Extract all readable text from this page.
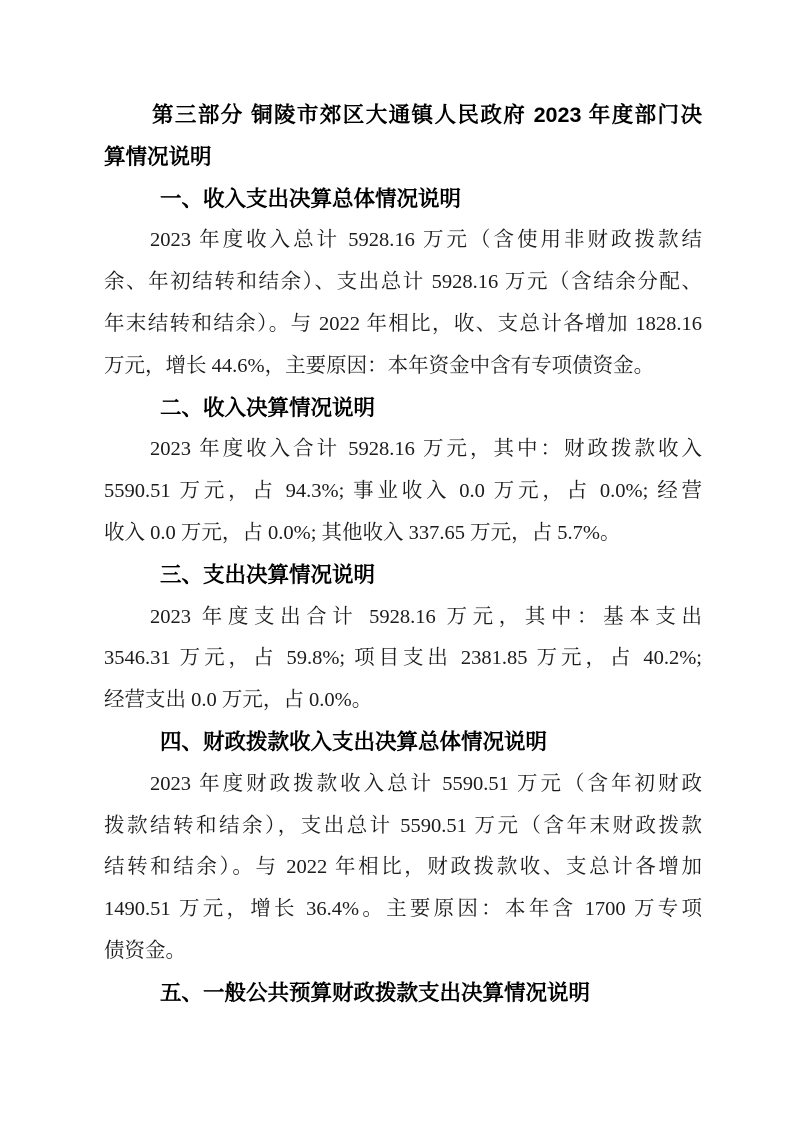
第三部分 铜陵市郊区大通镇人民政府 2023 年度部门决
算情况说明
一、收入支出决算总体情况说明
2023 年度收入总计 5928.16 万元（含使用非财政拨款结
余、年初结转和结余）、支出总计 5928.16 万元（含结余分配、
年末结转和结余）。与 2022 年相比，收、支总计各增加 1828.16
万元，增长 44.6%，主要原因：本年资金中含有专项债资金。
二、收入决算情况说明
2023 年度收入合计 5928.16 万元，其中：财政拨款收入
5590.51 万元，占 94.3%; 事业收入 0.0 万元，占 0.0%; 经营
收入 0.0 万元，占 0.0%; 其他收入 337.65 万元，占 5.7%。
三、支出决算情况说明
2023 年度支出合计 5928.16 万元，其中：基本支出
3546.31 万元，占 59.8%; 项目支出 2381.85 万元，占 40.2%;
经营支出 0.0 万元，占 0.0%。
四、财政拨款收入支出决算总体情况说明
2023 年度财政拨款收入总计 5590.51 万元（含年初财政
拨款结转和结余），支出总计 5590.51 万元（含年末财政拨款
结转和结余）。与 2022 年相比，财政拨款收、支总计各增加
1490.51 万元，增长 36.4%。主要原因：本年含 1700 万专项
债资金。
五、一般公共预算财政拨款支出决算情况说明
